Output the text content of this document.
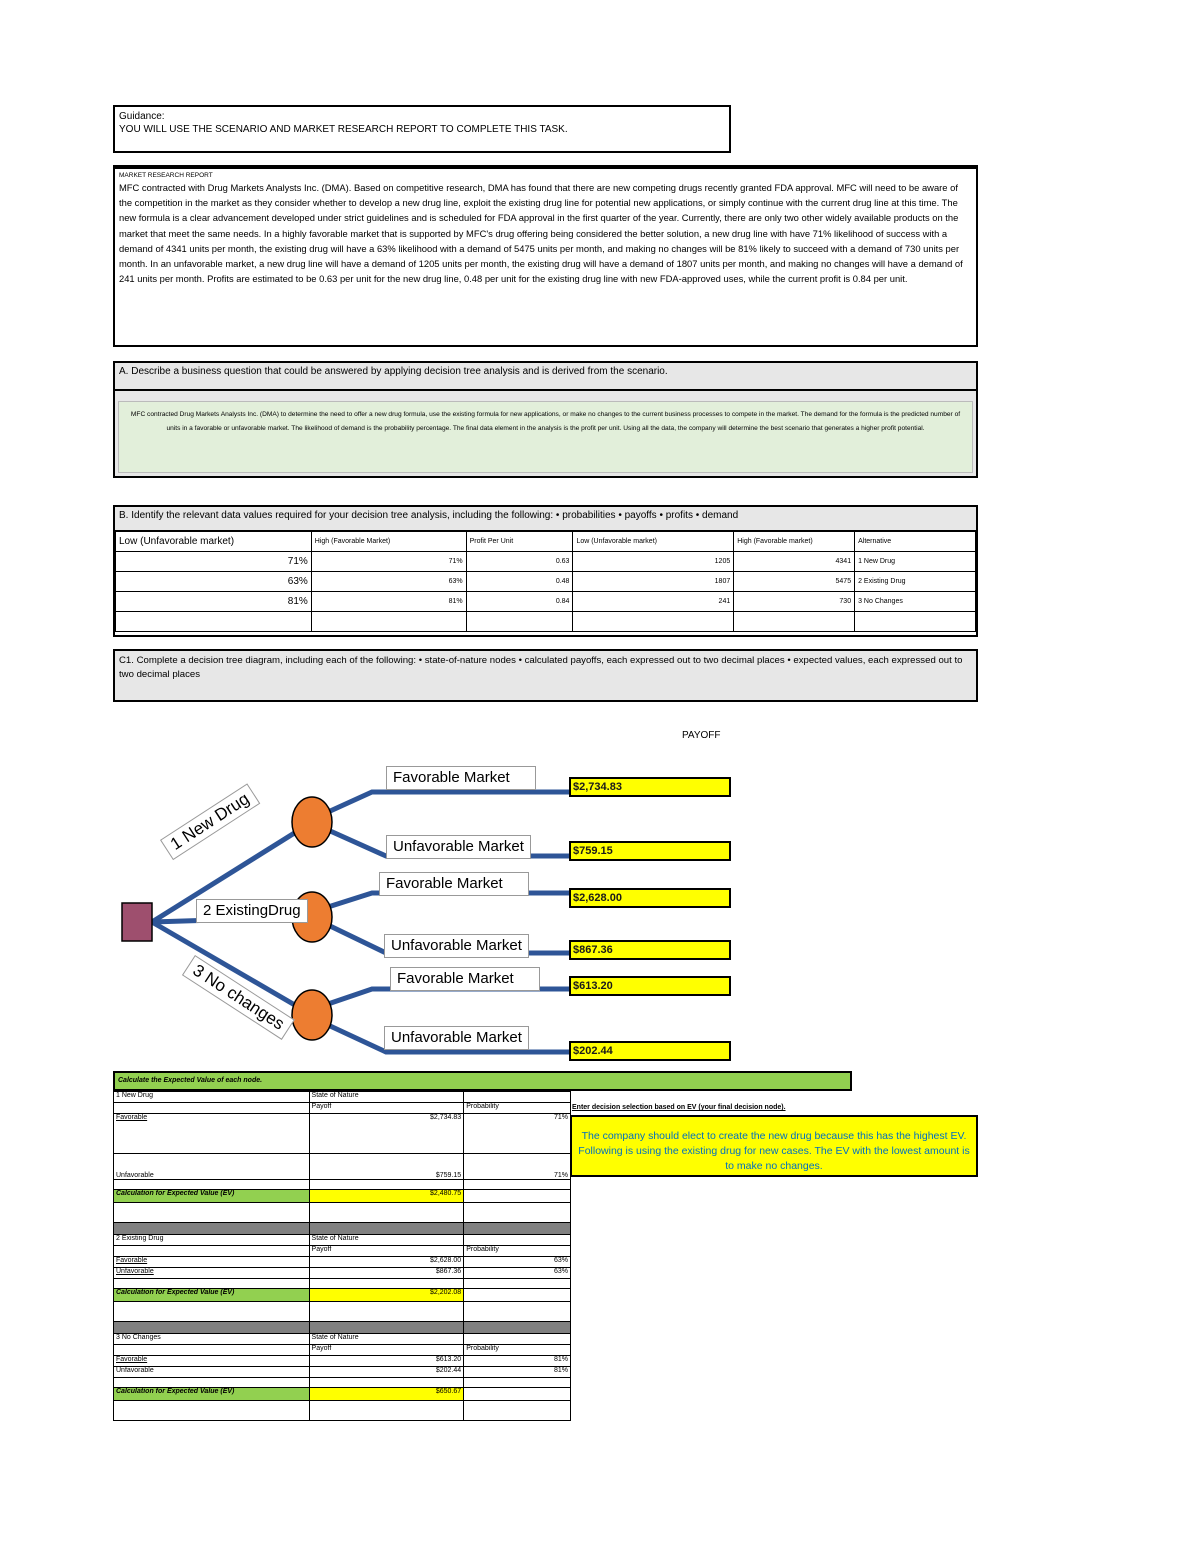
Guidance:
YOU WILL USE THE SCENARIO AND MARKET RESEARCH REPORT TO COMPLETE THIS TASK.
MARKET RESEARCH REPORT
MFC contracted with Drug Markets Analysts Inc. (DMA). Based on competitive research, DMA has found that there are new competing drugs recently granted FDA approval. MFC will need to be aware of the competition in the market as they consider whether to develop a new drug line, exploit the existing drug line for potential new applications, or simply continue with the current drug line at this time. The new formula is a clear advancement developed under strict guidelines and is scheduled for FDA approval in the first quarter of the year. Currently, there are only two other widely available products on the market that meet the same needs. In a highly favorable market that is supported by MFC's drug offering being considered the better solution, a new drug line with have 71% likelihood of success with a demand of 4341 units per month, the existing drug will have a 63% likelihood with a demand of 5475 units per month, and making no changes will be 81% likely to succeed with a demand of 730 units per month. In an unfavorable market, a new drug line will have a demand of 1205 units per month, the existing drug will have a demand of 1807 units per month, and making no changes will have a demand of 241 units per month. Profits are estimated to be 0.63 per unit for the new drug line, 0.48 per unit for the existing drug line with new FDA-approved uses, while the current profit is 0.84 per unit.
A. Describe a business question that could be answered by applying decision tree analysis and is derived from the scenario.
MFC contracted Drug Markets Analysts Inc. (DMA) to determine the need to offer a new drug formula, use the existing formula for new applications, or make no changes to the current business processes to compete in the market. The demand for the formula is the predicted number of units in a favorable or unfavorable market. The likelihood of demand is the probability percentage. The final data element in the analysis is the profit per unit. Using all the data, the company will determine the best scenario that generates a higher profit potential.
B. Identify the relevant data values required for your decision tree analysis, including the following: • probabilities • payoffs • profits • demand
Low (Unfavorable market)	High (Favorable Market)	Profit Per Unit	Low (Unfavorable market)	High (Favorable market)	Alternative
71%	71%	0.63	1205	4341	1 New Drug
63%	63%	0.48	1807	5475	2 Existing Drug
81%	81%	0.84	241	730	3 No Changes

C1. Complete a decision tree diagram, including each of the following: • state-of-nature nodes • calculated payoffs, each expressed out to two decimal places • expected values, each expressed out to two decimal places
PAYOFF
1 New Drug
2 ExistingDrug
3 No changes
Favorable Market
Unfavorable Market
Favorable Market
Unfavorable Market
Favorable Market
Unfavorable Market
$2,734.83
$759.15
$2,628.00
$867.36
$613.20
$202.44
Calculate the Expected Value of each node.
1 New Drug	State of Nature	
	Payoff	Probability
Favorable	$2,734.83	71%
Unfavorable	$759.15	71%

Calculation for Expected Value (EV)	$2,480.75	

2 Existing Drug	State of Nature	
	Payoff	Probability
Favorable	$2,628.00	63%
Unfavorable	$867.36	63%

Calculation for Expected Value (EV)	$2,202.08	

3 No Changes	State of Nature	
	Payoff	Probability
Favorable	$613.20	81%
Unfavorable	$202.44	81%

Calculation for Expected Value (EV)	$650.67	

Enter decision selection based on EV (your final decision node).
The company should elect to create the new drug because this has the highest EV. Following is using the existing drug for new cases. The EV with the lowest amount is to make no changes.
